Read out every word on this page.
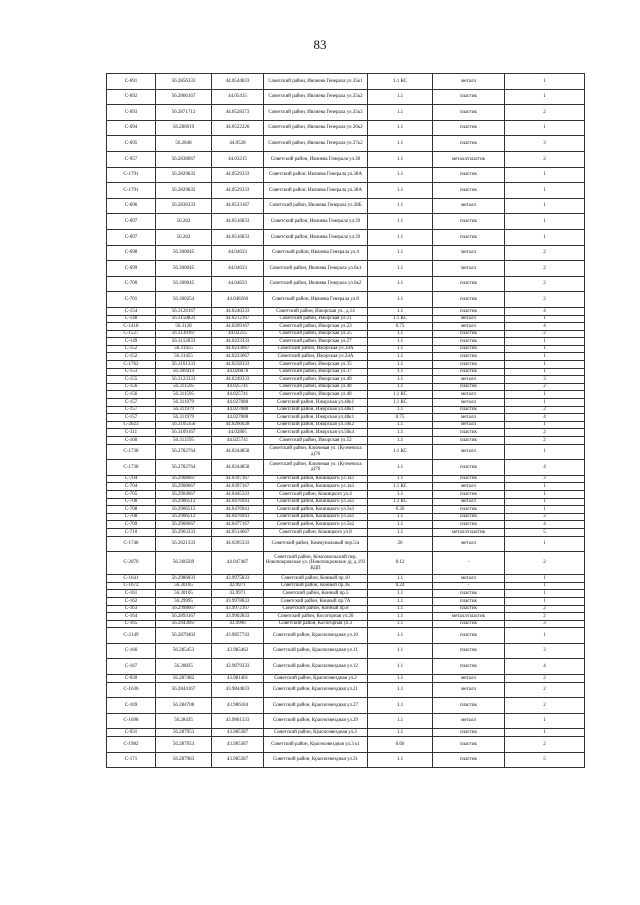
83
С-691	56.2856333	44.0544833	Советский район, Ивлиева Генерала ул.35к1	1.1 КС	металл	1
С-692	56.2866167	44.05415	Советский район, Ивлиева Генерала ул.35к2	1.1	пластик	1
С-693	56.2871712	44.0528373	Советский район, Ивлиева Генерала ул.35к3	1.1	пластик	2
С-694	56.286019	44.0522226	Советский район, Ивлиева Генерала ул.36к2	1.1	пластик	1
С-695	56.2848	44.0528	Советский район, Ивлиева Генерала ул.37к2	1.1	пластик	3
С-957	56.2838667	44.03215	Советский район, Ивлиева Генерала ул.38	1.1	металл/пластик	2
С-1791	56.2829833	44.0529333	Советский район, Ивлиева Генерала ул.38А	1.1	пластик	1
С-1791	56.2829833	44.0529333	Советский район, Ивлиева Генерала ул.38А	1.1	пластик	1
С-696	56.2836333	44.0533167	Советский район, Ивлиева Генерала ул.38Б	1.1	металл	1
С-697	56.282	44.0516833	Советский район, Ивлиева Генерала ул.39	1.1	пластик	1
С-697	56.282	44.0516833	Советский район, Ивлиева Генерала ул.39	1.1	пластик	1
С-698	56.300045	44.04633	Советский район, Ивлиева Генерала ул.4	1.1	металл	2
С-699	56.300045	44.04633	Советский район, Ивлиева Генерала ул.6к1	1.1	металл	2
С-700	56.300045	44.04633	Советский район, Ивлиева Генерала ул.6к2	1.1	пластик	2
С-701	56.300254	44.048266	Советский район, Ивлиева Генерала ул.8	1.1	пластик	2
С-154	56.3128167	44.0240333	Советский район, Ижорская ул., д.14	1.1	пластик	4
С-148	56.3150833	44.0212167	Советский район, Ижорская ул.11	1.1 КС	металл	1
С-1418	56.3128	44.0209167	Советский район, Ижорская ул.23	0.75	металл	4
С-1527	56.3130167	44.02255	Советский район, Ижорская ул.25	1.1	пластик	2
С-149	56.3112833	44.0233333	Советский район, Ижорская ул.27	1.1	пластик	1
С-152	56.31455	44.0233667	Советский район, Ижорская ул.34А	1.1	пластик	1
С-152	56.31455	44.0233667	Советский район, Ижорская ул.34А	1.1	пластик	1
С-1762	56.3101333	44.0258333	Советский район, Ижорская ул.35	1.1	пластик	1
С-153	56.309414	44.026878	Советский район, Ижорская ул.37	1.1	пластик	1
С-155	56.3123333	44.0249333	Советский район, Ижорская ул.40	1.1	металл	3
С-156	56.311595	44.025741	Советский район, Ижорская ул.48	1.1	пластик	2
С-156	56.311595	44.025741	Советский район, Ижорская ул.48	1.1 КС	металл	1
С-157	56.311979	44.027088	Советский район, Ижорская ул.48к1	1.1 КС	металл	1
С-157	56.311979	44.027088	Советский район, Ижорская ул.48к1	1.1	пластик	2
С-157	56.311979	44.027088	Советский район, Ижорская ул.48к1	0.75	металл	4
С-2023	56.3105356	44.0266628	Советский район, Ижорская ул.50к2	1.1	металл	1
С-311	56.3109167	44.02805	Советский район, Ижорская ул.50к4	1.1	пластик	2
С-160	56.311595	44.025741	Советский район, Ижорская ул.52	1.1	пластик	2
С-1738	56.2782764	44.0244858	Советский район, Ключевая ул. (Кузнечиха д)76	1.1 КС	металл	1
С-1738	56.2782764	44.0244858	Советский район, Ключевая ул. (Кузнечиха д)76	1.1	пластик	4
С-704	56.2908667	44.0397167	Советский район, Кошицкого ул.1к1	1.1	пластик	3
С-704	56.2908667	44.0397167	Советский район, Кошицкого ул.1к1	1.1 КС	металл	1
С-705	56.2904667	44.0445333	Советский район, Кошицкого ул.4	1.1	пластик	1
С-708	56.2906512	44.0476941	Советский район, Кошицкого ул.5к1	1.1 КС	металл	1
С-708	56.2906512	44.0476941	Советский район, Кошицкого ул.5к1	0.36	пластик	1
С-708	56.2906512	44.0476941	Советский район, Кошицкого ул.5к1	1.1	пластик	3
С-709	56.2908667	44.0477167	Советский район, Кошицкого ул.5к2	1.1	пластик	4
С-710	56.2903333	44.0514667	Советский район, Кошицкого ул.8	1.1	металл/пластик	5
С-1748	56.3021333	44.0205333	Советский район, Коммунальный пер.5/а	20	металл	1
С-2070	56.266569	44.047487	Советский район, Комсомольский пер. Новопокровская ул. (Новопокровское д), д.193 ВДП	0.12	-	2
С-1641	56.2986833	43.9975833	Советский район, Конный пр.10	1.1	металл	1
С-1672	56.30105	43.9971	Советский район, Конный пр.3Б	0.24	-	1
С-161	56.30105	43.9971	Советский район, Конный пр.5	1.1	пластик	1
С-162	56.29995	43.9978833	Советский район, Конный пр.7А	1.1	пластик	1
С-163	56.2998667	43.9972167	Советский район, Конный пр.8	1.1	пластик	2
С-164	56.2893167	43.9902833	Советский район, Косогорная ул.20	1.1	металл/пластик	2
С-165	56.2943667	43.9906	Советский район, Косогорная ул.3	1.1	пластик	3
С-2149	56.2879403	43.9857743	Советский район, Краснозвездная ул.10	1.1	пластик	1
С-166	56.285453	43.985462	Советский район, Краснозвездная ул.11	1.1	пластик	3
С-167	56.28825	43.9879333	Советский район, Краснозвездная ул.12	1.1	пластик	4
С-930	56.287482	43.981461	Советский район, Красноэвездная ул.2	1.1	металл	2
С-1636	56.2844167	43.9844833	Советский район, Красноэвездная ул.21	1.1	металл	2
С-169	56.284708	43.986184	Советский район, Красноэвездная ул.27	1.1	пластик	2
С-1698	56.28435	43.9861333	Советский район, Красноэвездная ул.29	1.1	металл	1
С-931	56.287953	43.985387	Советский район, Красноэвездная ул.3	1.1	пластик	1
С-1982	56.287953	43.985387	Советский район, Красноэвездная ул.3 к1	0.66	пластик	2
С-171	56.287983	43.985387	Советский район, Красноэвездная ул.31	1.1	пластик	5
